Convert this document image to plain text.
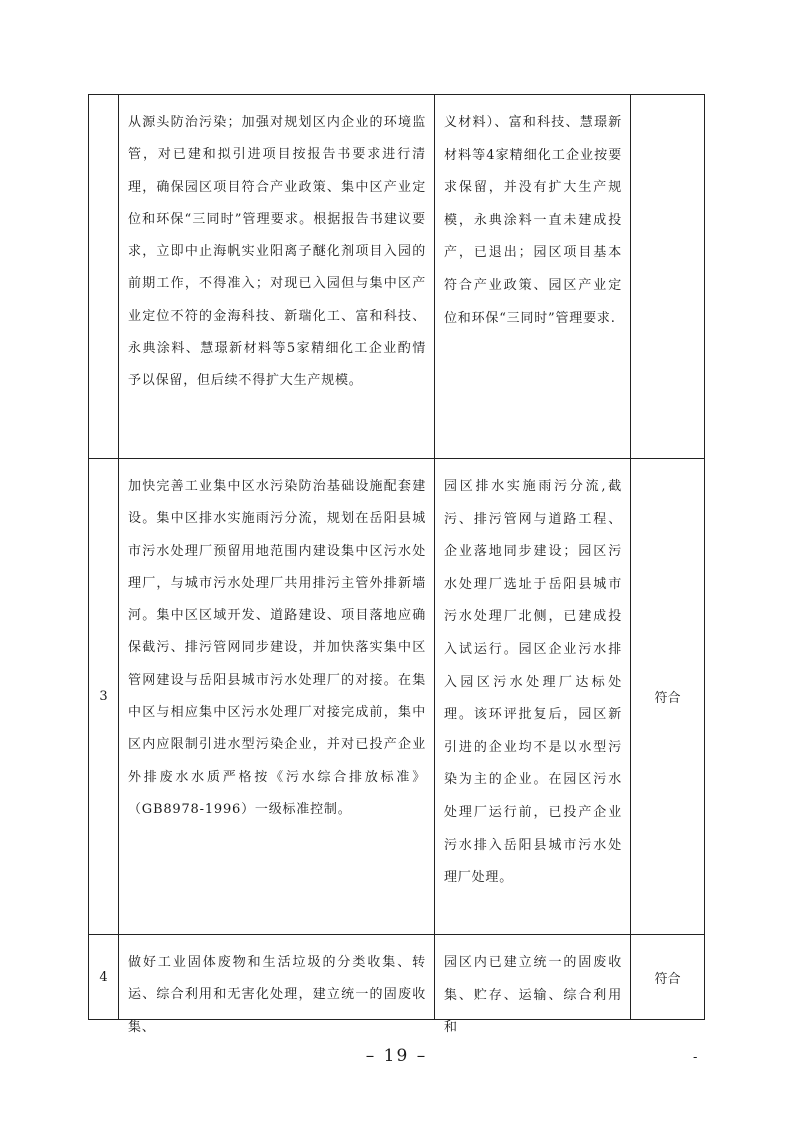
	从源头防治污染；加强对规划区内企业的环境监管，对已建和拟引进项目按报告书要求进行清理，确保园区项目符合产业政策、集中区产业定位和环保“三同时”管理要求。根据报告书建议要求，立即中止海帆实业阳离子醚化剂项目入园的前期工作，不得准入；对现已入园但与集中区产业定位不符的金海科技、新瑞化工、富和科技、永典涂料、慧璟新材料等5家精细化工企业酌情予以保留，但后续不得扩大生产规模。	义材料）、富和科技、慧璟新材料等4家精细化工企业按要求保留，并没有扩大生产规模，永典涂料一直未建成投产，已退出；园区项目基本符合产业政策、园区产业定位和环保“三同时”管理要求.	

3	加快完善工业集中区水污染防治基础设施配套建设。集中区排水实施雨污分流，规划在岳阳县城市污水处理厂预留用地范围内建设集中区污水处理厂，与城市污水处理厂共用排污主管外排新墙河。集中区区域开发、道路建设、项目落地应确保截污、排污管网同步建设，并加快落实集中区管网建设与岳阳县城市污水处理厂的对接。在集中区与相应集中区污水处理厂对接完成前，集中区内应限制引进水型污染企业，并对已投产企业外排废水水质严格按《污水综合排放标准》（GB8978-1996）一级标准控制。	园区排水实施雨污分流,截污、排污管网与道路工程、企业落地同步建设；园区污水处理厂选址于岳阳县城市污水处理厂北侧，已建成投入试运行。园区企业污水排入园区污水处理厂达标处理。该环评批复后，园区新引进的企业均不是以水型污染为主的企业。在园区污水处理厂运行前，已投产企业污水排入岳阳县城市污水处理厂处理。	符合
4	做好工业固体废物和生活垃圾的分类收集、转运、综合利用和无害化处理，建立统一的固废收集、	园区内已建立统一的固废收集、贮存、运输、综合利用和	符合
– 19 –	-
